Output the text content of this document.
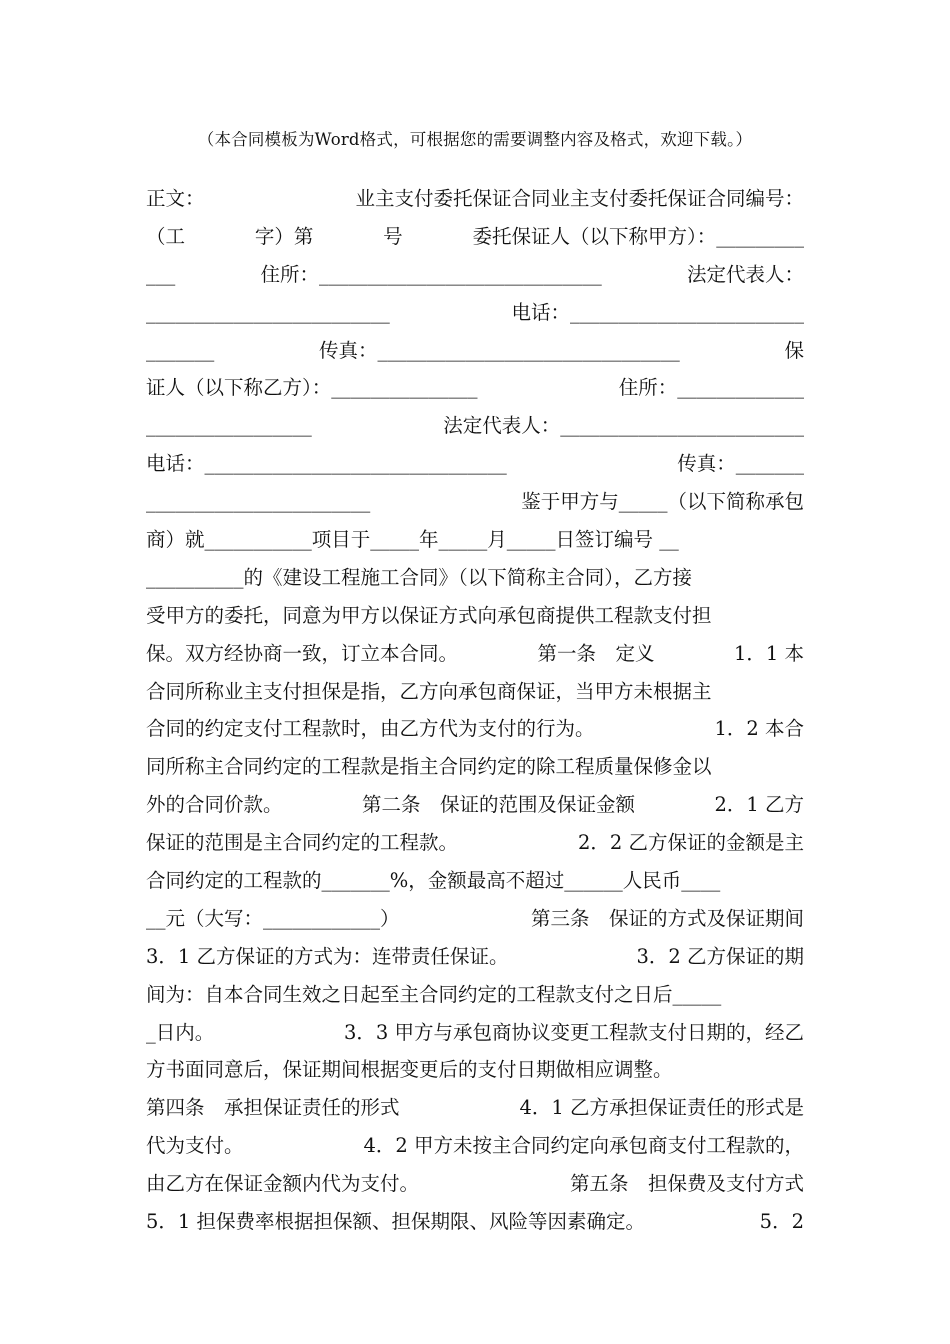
（本合同模板为Word格式，可根据您的需要调整内容及格式，欢迎下载。）
正文：	业主支付委托保证合同业主支付委托保证合同编号：
（工	字）第	号	委托保证人（以下称甲方）：_________
___	住所：_____________________________	法定代表人：
_________________________	电话：________________________
_______	传真：_______________________________	保
证人（以下称乙方）：_______________	住所：_____________
_________________	法定代表人：_________________________
电话：_______________________________	传真：_______
_______________________	鉴于甲方与_____（以下简称承包
商）就___________项目于_____年_____月_____日签订编号 __
__________的《建设工程施工合同》（以下简称主合同），乙方接
受甲方的委托，同意为甲方以保证方式向承包商提供工程款支付担
保。双方经协商一致，订立本合同。	第一条　定义	1．1 本
合同所称业主支付担保是指，乙方向承包商保证，当甲方未根据主
合同的约定支付工程款时，由乙方代为支付的行为。	1．2 本合
同所称主合同约定的工程款是指主合同约定的除工程质量保修金以
外的合同价款。	第二条　保证的范围及保证金额	2．1 乙方
保证的范围是主合同约定的工程款。	2．2 乙方保证的金额是主
合同约定的工程款的_______%，金额最高不超过______人民币____
__元（大写：____________）	第三条　保证的方式及保证期间
3．1 乙方保证的方式为：连带责任保证。	3．2 乙方保证的期
间为：自本合同生效之日起至主合同约定的工程款支付之日后_____
_日内。	3．3 甲方与承包商协议变更工程款支付日期的，经乙
方书面同意后，保证期间根据变更后的支付日期做相应调整。
第四条　承担保证责任的形式	4．1 乙方承担保证责任的形式是
代为支付。	4．2 甲方未按主合同约定向承包商支付工程款的，
由乙方在保证金额内代为支付。	第五条　担保费及支付方式
5．1 担保费率根据担保额、担保期限、风险等因素确定。	5．2
